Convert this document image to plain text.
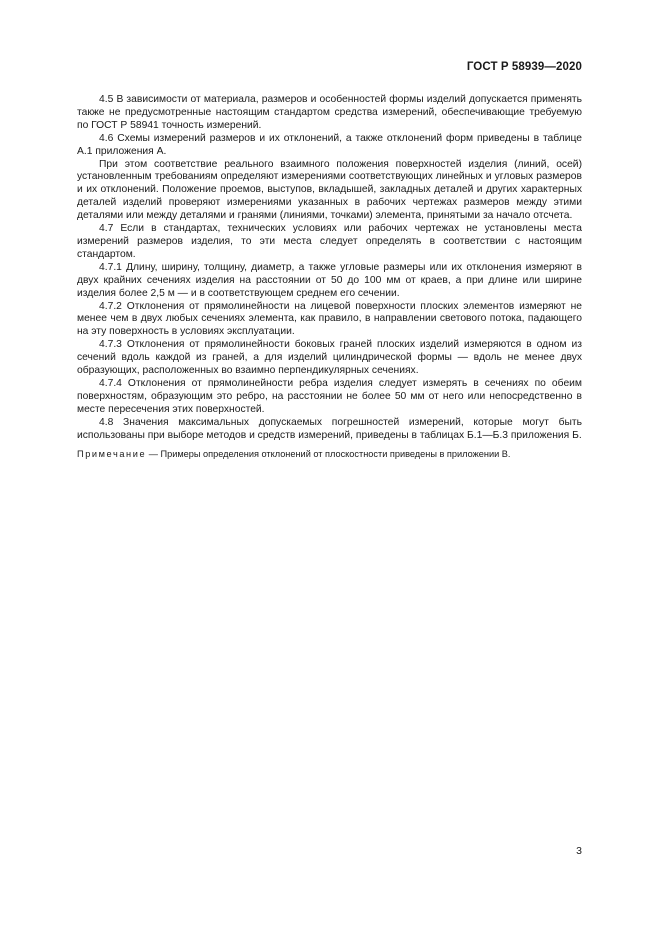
ГОСТ Р 58939—2020

4.5 В зависимости от материала, размеров и особенностей формы изделий допускается применять также не предусмотренные настоящим стандартом средства измерений, обеспечивающие требуемую по ГОСТ Р 58941 точность измерений.

4.6 Схемы измерений размеров и их отклонений, а также отклонений форм приведены в таблице А.1 приложения А.

При этом соответствие реального взаимного положения поверхностей изделия (линий, осей) установленным требованиям определяют измерениями соответствующих линейных и угловых размеров и их отклонений. Положение проемов, выступов, вкладышей, закладных деталей и других характерных деталей изделий проверяют измерениями указанных в рабочих чертежах размеров между этими деталями или между деталями и гранями (линиями, точками) элемента, принятыми за начало отсчета.

4.7 Если в стандартах, технических условиях или рабочих чертежах не установлены места измерений размеров изделия, то эти места следует определять в соответствии с настоящим стандартом.

4.7.1 Длину, ширину, толщину, диаметр, а также угловые размеры или их отклонения измеряют в двух крайних сечениях изделия на расстоянии от 50 до 100 мм от краев, а при длине или ширине изделия более 2,5 м — и в соответствующем среднем его сечении.

4.7.2 Отклонения от прямолинейности на лицевой поверхности плоских элементов измеряют не менее чем в двух любых сечениях элемента, как правило, в направлении светового потока, падающего на эту поверхность в условиях эксплуатации.

4.7.3 Отклонения от прямолинейности боковых граней плоских изделий измеряются в одном из сечений вдоль каждой из граней, а для изделий цилиндрической формы — вдоль не менее двух образующих, расположенных во взаимно перпендикулярных сечениях.

4.7.4 Отклонения от прямолинейности ребра изделия следует измерять в сечениях по обеим поверхностям, образующим это ребро, на расстоянии не более 50 мм от него или непосредственно в месте пересечения этих поверхностей.

4.8 Значения максимальных допускаемых погрешностей измерений, которые могут быть использованы при выборе методов и средств измерений, приведены в таблицах Б.1—Б.3 приложения Б.

Примечание — Примеры определения отклонений от плоскостности приведены в приложении В.

3
